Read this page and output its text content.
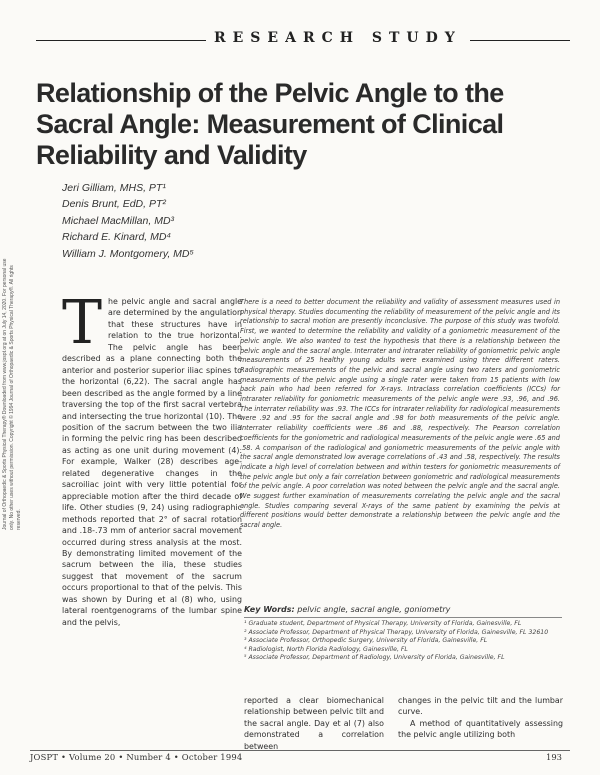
RESEARCH STUDY
Relationship of the Pelvic Angle to the Sacral Angle: Measurement of Clinical Reliability and Validity
Jeri Gilliam, MHS, PT¹
Denis Brunt, EdD, PT²
Michael MacMillan, MD³
Richard E. Kinard, MD⁴
William J. Montgomery, MD⁵
Journal of Orthopaedic & Sports Physical Therapy® Downloaded from www.jospt.org at on July 14, 2020. For personal use only. No other uses without permission. Copyright © 1994 Journal of Orthopaedic & Sports Physical Therapy®. All rights reserved.
T he pelvic angle and sacral angle are determined by the angulation that these structures have in relation to the true horizontal. The pelvic angle has been described as a plane connecting both the anterior and posterior superior iliac spines to the horizontal (6,22). The sacral angle has been described as the angle formed by a line traversing the top of the first sacral vertebra and intersecting the true horizontal (10). The position of the sacrum between the two ilia in forming the pelvic ring has been described as acting as one unit during movement (4). For example, Walker (28) describes age-related degenerative changes in the sacroiliac joint with very little potential for appreciable motion after the third decade of life. Other studies (9, 24) using radiographic methods reported that 2° of sacral rotation and .18-.73 mm of anterior sacral movement occurred during stress analysis at the most. By demonstrating limited movement of the sacrum between the ilia, these studies suggest that movement of the sacrum occurs proportional to that of the pelvis. This was shown by During et al (8) who, using lateral roentgenograms of the lumbar spine and the pelvis,
There is a need to better document the reliability and validity of assessment measures used in physical therapy. Studies documenting the reliability of measurement of the pelvic angle and its relationship to sacral motion are presently inconclusive. The purpose of this study was twofold. First, we wanted to determine the reliability and validity of a goniometric measurement of the pelvic angle. We also wanted to test the hypothesis that there is a relationship between the pelvic angle and the sacral angle. Interrater and intrarater reliability of goniometric pelvic angle measurements of 25 healthy young adults were examined using three different raters. Radiographic measurements of the pelvic and sacral angle using two raters and goniometric measurements of the pelvic angle using a single rater were taken from 15 patients with low back pain who had been referred for X-rays. Intraclass correlation coefficients (ICCs) for intrarater reliability for goniometric measurements of the pelvic angle were .93, .96, and .96. The interrater reliability was .93. The ICCs for intrarater reliability for radiological measurements were .92 and .95 for the sacral angle and .98 for both measurements of the pelvic angle. Interrater reliability coefficients were .86 and .88, respectively. The Pearson correlation coefficients for the goniometric and radiological measurements of the pelvic angle were .65 and .58. A comparison of the radiological and goniometric measurements of the pelvic angle with the sacral angle demonstrated low average correlations of .43 and .58, respectively. The results indicate a high level of correlation between and within testers for goniometric measurements of the pelvic angle but only a fair correlation between goniometric and radiological measurements of the pelvic angle. A poor correlation was noted between the pelvic angle and the sacral angle. We suggest further examination of measurements correlating the pelvic angle and the sacral angle. Studies comparing several X-rays of the same patient by examining the pelvis at different positions would better demonstrate a relationship between the pelvic angle and the sacral angle.
Key Words: pelvic angle, sacral angle, goniometry
¹ Graduate student, Department of Physical Therapy, University of Florida, Gainesville, FL
² Associate Professor, Department of Physical Therapy, University of Florida, Gainesville, FL 32610
³ Associate Professor, Orthopedic Surgery, University of Florida, Gainesville, FL
⁴ Radiologist, North Florida Radiology, Gainesville, FL
⁵ Associate Professor, Department of Radiology, University of Florida, Gainesville, FL
reported a clear biomechanical relationship between pelvic tilt and the sacral angle. Day et al (7) also demonstrated a correlation between
changes in the pelvic tilt and the lumbar curve.
A method of quantitatively assessing the pelvic angle utilizing both
JOSPT • Volume 20 • Number 4 • October 1994	193
